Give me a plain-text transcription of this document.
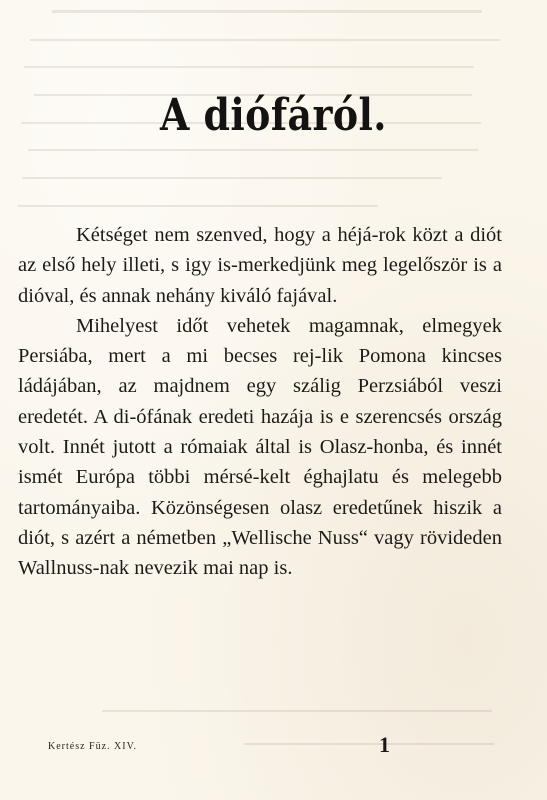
A diófáról.

Kétséget nem szenved, hogy a héjá-rok közt a diót az első hely illeti, s igy is-merkedjünk meg legelőször is a dióval, és annak nehány kiváló fajával.

Mihelyest időt vehetek magamnak, elmegyek Persiába, mert a mi becses rej-lik Pomona kincses ládájában, az majdnem egy szálig Perzsiából veszi eredetét. A di-ófának eredeti hazája is e szerencsés ország volt. Innét jutott a rómaiak által is Olasz-honba, és innét ismét Európa többi mérsé-kelt éghajlatu és melegebb tartományaiba. Közönségesen olasz eredetűnek hiszik a diót, s azért a németben „Wellische Nuss“ vagy rövideden Wallnuss-nak nevezik mai nap is.

Kertész Füz. XIV.	1
